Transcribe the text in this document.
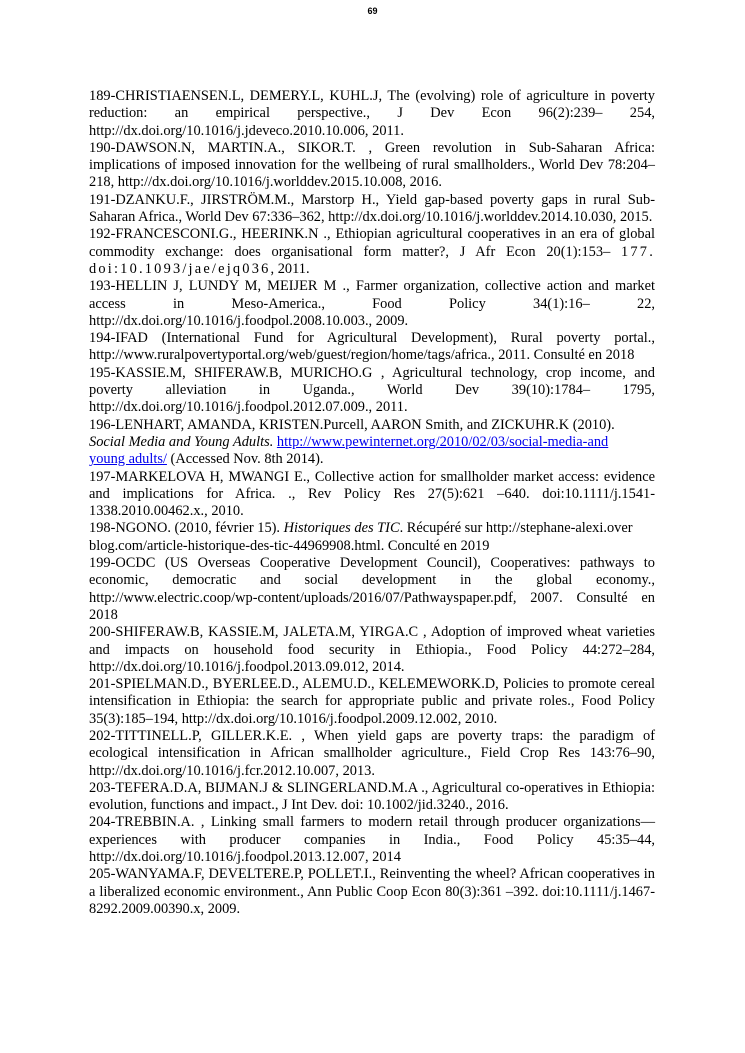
69

189-CHRISTIAENSEN.L, DEMERY.L, KUHL.J, The (evolving) role of agriculture in poverty reduction: an empirical perspective., J Dev Econ 96(2):239– 254, http://dx.doi.org/10.1016/j.jdeveco.2010.10.006, 2011.

190-DAWSON.N, MARTIN.A., SIKOR.T. , Green revolution in Sub-Saharan Africa: implications of imposed innovation for the wellbeing of rural smallholders., World Dev 78:204– 218, http://dx.doi.org/10.1016/j.worlddev.2015.10.008, 2016.

191-DZANKU.F., JIRSTRÖM.M., Marstorp H., Yield gap-based poverty gaps in rural Sub-Saharan Africa., World Dev 67:336–362, http://dx.doi.org/10.1016/j.worlddev.2014.10.030, 2015.

192-FRANCESCONI.G., HEERINK.N ., Ethiopian agricultural cooperatives in an era of global commodity exchange: does organisational form matter?, J Afr Econ 20(1):153– 177. doi:10.1093/jae/ejq036, 2011.

193-HELLIN J, LUNDY M, MEIJER M ., Farmer organization, collective action and market access in Meso-America., Food Policy 34(1):16– 22, http://dx.doi.org/10.1016/j.foodpol.2008.10.003., 2009.

194-IFAD (International Fund for Agricultural Development), Rural poverty portal., http://www.ruralpovertyportal.org/web/guest/region/home/tags/africa., 2011. Consulté en 2018

195-KASSIE.M, SHIFERAW.B, MURICHO.G , Agricultural technology, crop income, and poverty alleviation in Uganda., World Dev 39(10):1784– 1795, http://dx.doi.org/10.1016/j.foodpol.2012.07.009., 2011.

196-LENHART, AMANDA, KRISTEN.Purcell, AARON Smith, and ZICKUHR.K (2010).
Social Media and Young Adults. http://www.pewinternet.org/2010/02/03/social-media-and
young adults/ (Accessed Nov. 8th 2014).

197-MARKELOVA H, MWANGI E., Collective action for smallholder market access: evidence and implications for Africa. ., Rev Policy Res 27(5):621 –640. doi:10.1111/j.1541-1338.2010.00462.x., 2010.

198-NGONO. (2010, février 15). Historiques des TIC. Récupéré sur http://stephane-alexi.over
blog.com/article-historique-des-tic-44969908.html. Conculté en 2019

199-OCDC (US Overseas Cooperative Development Council), Cooperatives: pathways to economic, democratic and social development in the global economy., http://www.electric.coop/wp-content/uploads/2016/07/Pathwayspaper.pdf, 2007. Consulté en 2018

200-SHIFERAW.B, KASSIE.M, JALETA.M, YIRGA.C , Adoption of improved wheat varieties and impacts on household food security in Ethiopia., Food Policy 44:272–284, http://dx.doi.org/10.1016/j.foodpol.2013.09.012, 2014.

201-SPIELMAN.D., BYERLEE.D., ALEMU.D., KELEMEWORK.D, Policies to promote cereal intensification in Ethiopia: the search for appropriate public and private roles., Food Policy 35(3):185–194, http://dx.doi.org/10.1016/j.foodpol.2009.12.002, 2010.

202-TITTINELL.P, GILLER.K.E. , When yield gaps are poverty traps: the paradigm of ecological intensification in African smallholder agriculture., Field Crop Res 143:76–90, http://dx.doi.org/10.1016/j.fcr.2012.10.007, 2013.

203-TEFERA.D.A, BIJMAN.J & SLINGERLAND.M.A ., Agricultural co-operatives in Ethiopia: evolution, functions and impact., J Int Dev. doi: 10.1002/jid.3240., 2016.

204-TREBBIN.A. , Linking small farmers to modern retail through producer organizations—experiences with producer companies in India., Food Policy 45:35–44, http://dx.doi.org/10.1016/j.foodpol.2013.12.007, 2014

205-WANYAMA.F, DEVELTERE.P, POLLET.I., Reinventing the wheel? African cooperatives in a liberalized economic environment., Ann Public Coop Econ 80(3):361 –392. doi:10.1111/j.1467-8292.2009.00390.x, 2009.
